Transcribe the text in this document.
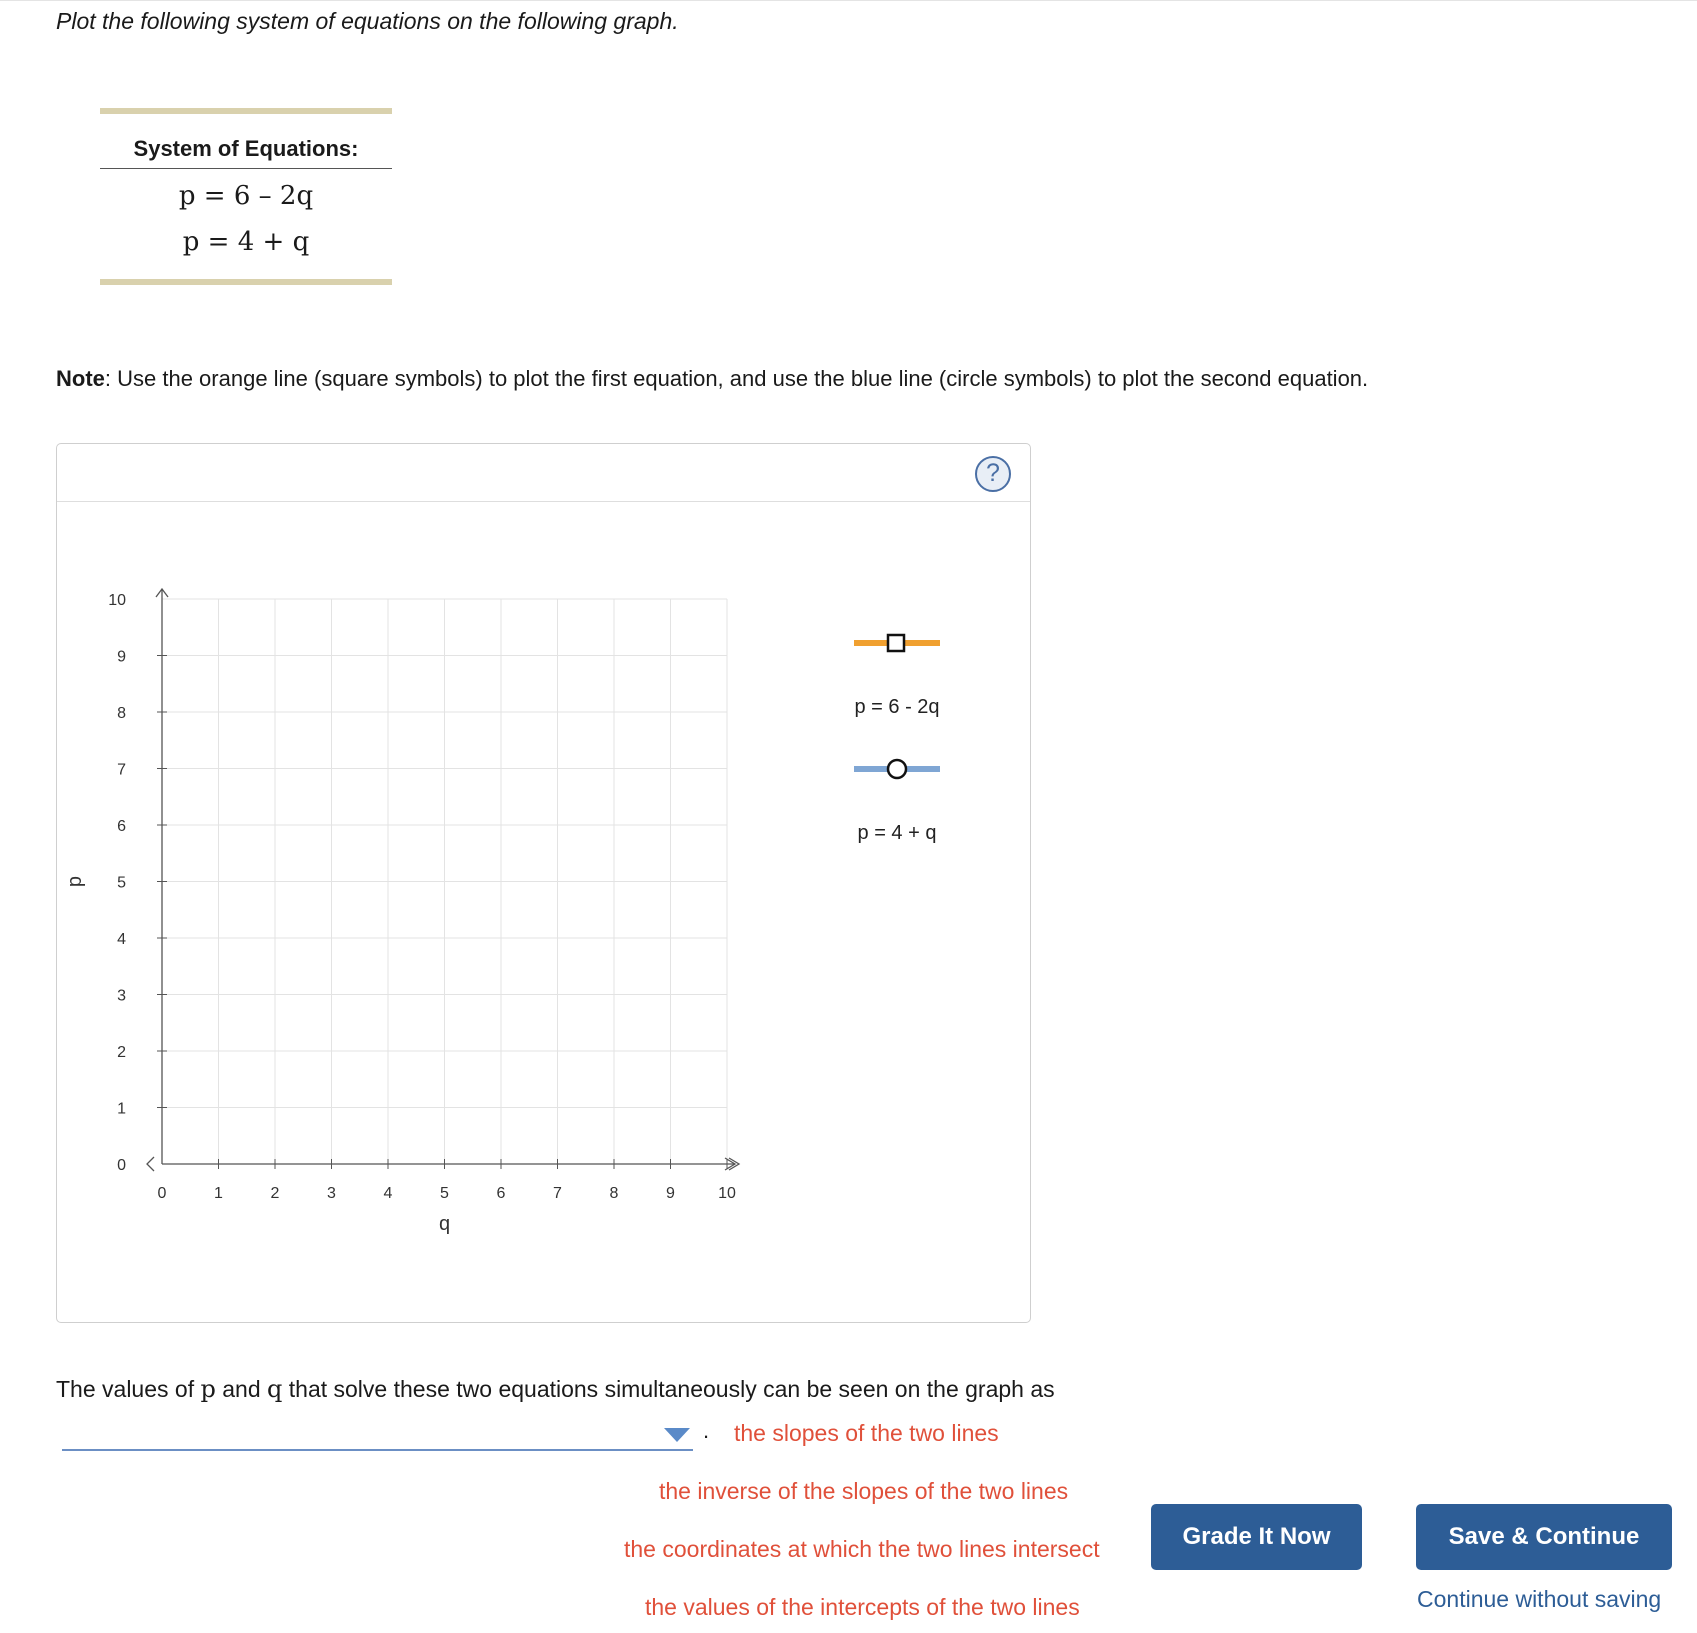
Plot the following system of equations on the following graph.
System of Equations:
p = 6 – 2q
p = 4 + q
Note: Use the orange line (square symbols) to plot the first equation, and use the blue line (circle symbols) to plot the second equation.
?
0	1	2	3	4	5	6	7	8	9	10
0
1
2
3
4
5
6
7
8
9
10
q
p
p = 6 - 2q
p = 4 + q
The values of p and q that solve these two equations simultaneously can be seen on the graph as
. the slopes of the two lines
the inverse of the slopes of the two lines
the coordinates at which the two lines intersect
the values of the intercepts of the two lines
Grade It Now	Save & Continue
Continue without saving
